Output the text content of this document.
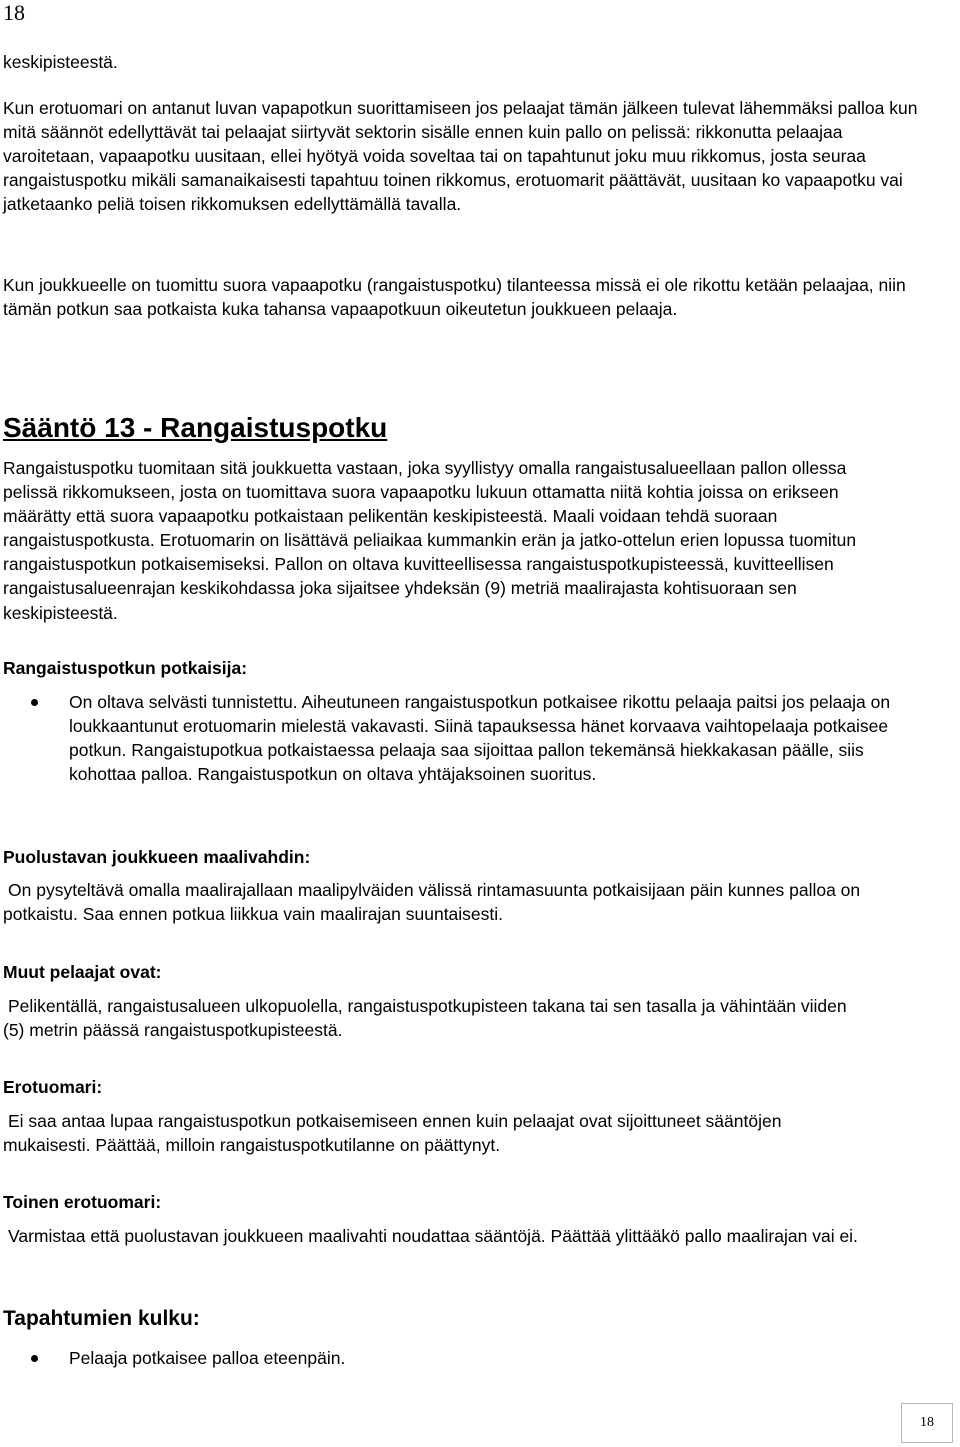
18

keskipisteestä.

Kun erotuomari on antanut luvan vapapotkun suorittamiseen jos pelaajat tämän jälkeen tulevat lähemmäksi palloa kun mitä säännöt edellyttävät tai pelaajat siirtyvät sektorin sisälle ennen kuin pallo on pelissä: rikkonutta pelaajaa varoitetaan, vapaapotku uusitaan, ellei hyötyä voida soveltaa tai on tapahtunut joku muu rikkomus, josta seuraa rangaistuspotku mikäli samanaikaisesti tapahtuu toinen rikkomus, erotuomarit päättävät, uusitaan ko vapaapotku vai jatketaanko peliä toisen rikkomuksen edellyttämällä tavalla.

Kun joukkueelle on tuomittu suora vapaapotku (rangaistuspotku) tilanteessa missä ei ole rikottu ketään pelaajaa, niin tämän potkun saa potkaista kuka tahansa vapaapotkuun oikeutetun joukkueen pelaaja.

Sääntö 13 - Rangaistuspotku

Rangaistuspotku tuomitaan sitä joukkuetta vastaan, joka syyllistyy omalla rangaistusalueellaan pallon ollessa pelissä rikkomukseen, josta on tuomittava suora vapaapotku lukuun ottamatta niitä kohtia joissa on erikseen määrätty että suora vapaapotku potkaistaan pelikentän keskipisteestä. Maali voidaan tehdä suoraan rangaistuspotkusta. Erotuomarin on lisättävä peliaikaa kummankin erän ja jatko-ottelun erien lopussa tuomitun rangaistuspotkun potkaisemiseksi. Pallon on oltava kuvitteellisessa rangaistuspotkupisteessä, kuvitteellisen rangaistusalueenrajan keskikohdassa joka sijaitsee yhdeksän (9) metriä maalirajasta kohtisuoraan sen keskipisteestä.

Rangaistuspotkun potkaisija:
On oltava selvästi tunnistettu. Aiheutuneen rangaistuspotkun potkaisee rikottu pelaaja paitsi jos pelaaja on loukkaantunut erotuomarin mielestä vakavasti. Siinä tapauksessa hänet korvaava vaihtopelaaja potkaisee potkun. Rangaistupotkua potkaistaessa pelaaja saa sijoittaa pallon tekemänsä hiekkakasan päälle, siis kohottaa palloa. Rangaistuspotkun on oltava yhtäjaksoinen suoritus.
Puolustavan joukkueen maalivahdin:

On pysyteltävä omalla maalirajallaan maalipylväiden välissä rintamasuunta potkaisijaan päin kunnes palloa on potkaistu. Saa ennen potkua liikkua vain maalirajan suuntaisesti.

Muut pelaajat ovat:

Pelikentällä, rangaistusalueen ulkopuolella, rangaistuspotkupisteen takana tai sen tasalla ja vähintään viiden (5) metrin päässä rangaistuspotkupisteestä.

Erotuomari:

Ei saa antaa lupaa rangaistuspotkun potkaisemiseen ennen kuin pelaajat ovat sijoittuneet sääntöjen mukaisesti. Päättää, milloin rangaistuspotkutilanne on päättynyt.

Toinen erotuomari:

Varmistaa että puolustavan joukkueen maalivahti noudattaa sääntöjä. Päättää ylittääkö pallo maalirajan vai ei.

Tapahtumien kulku:
Pelaaja potkaisee palloa eteenpäin.
18
